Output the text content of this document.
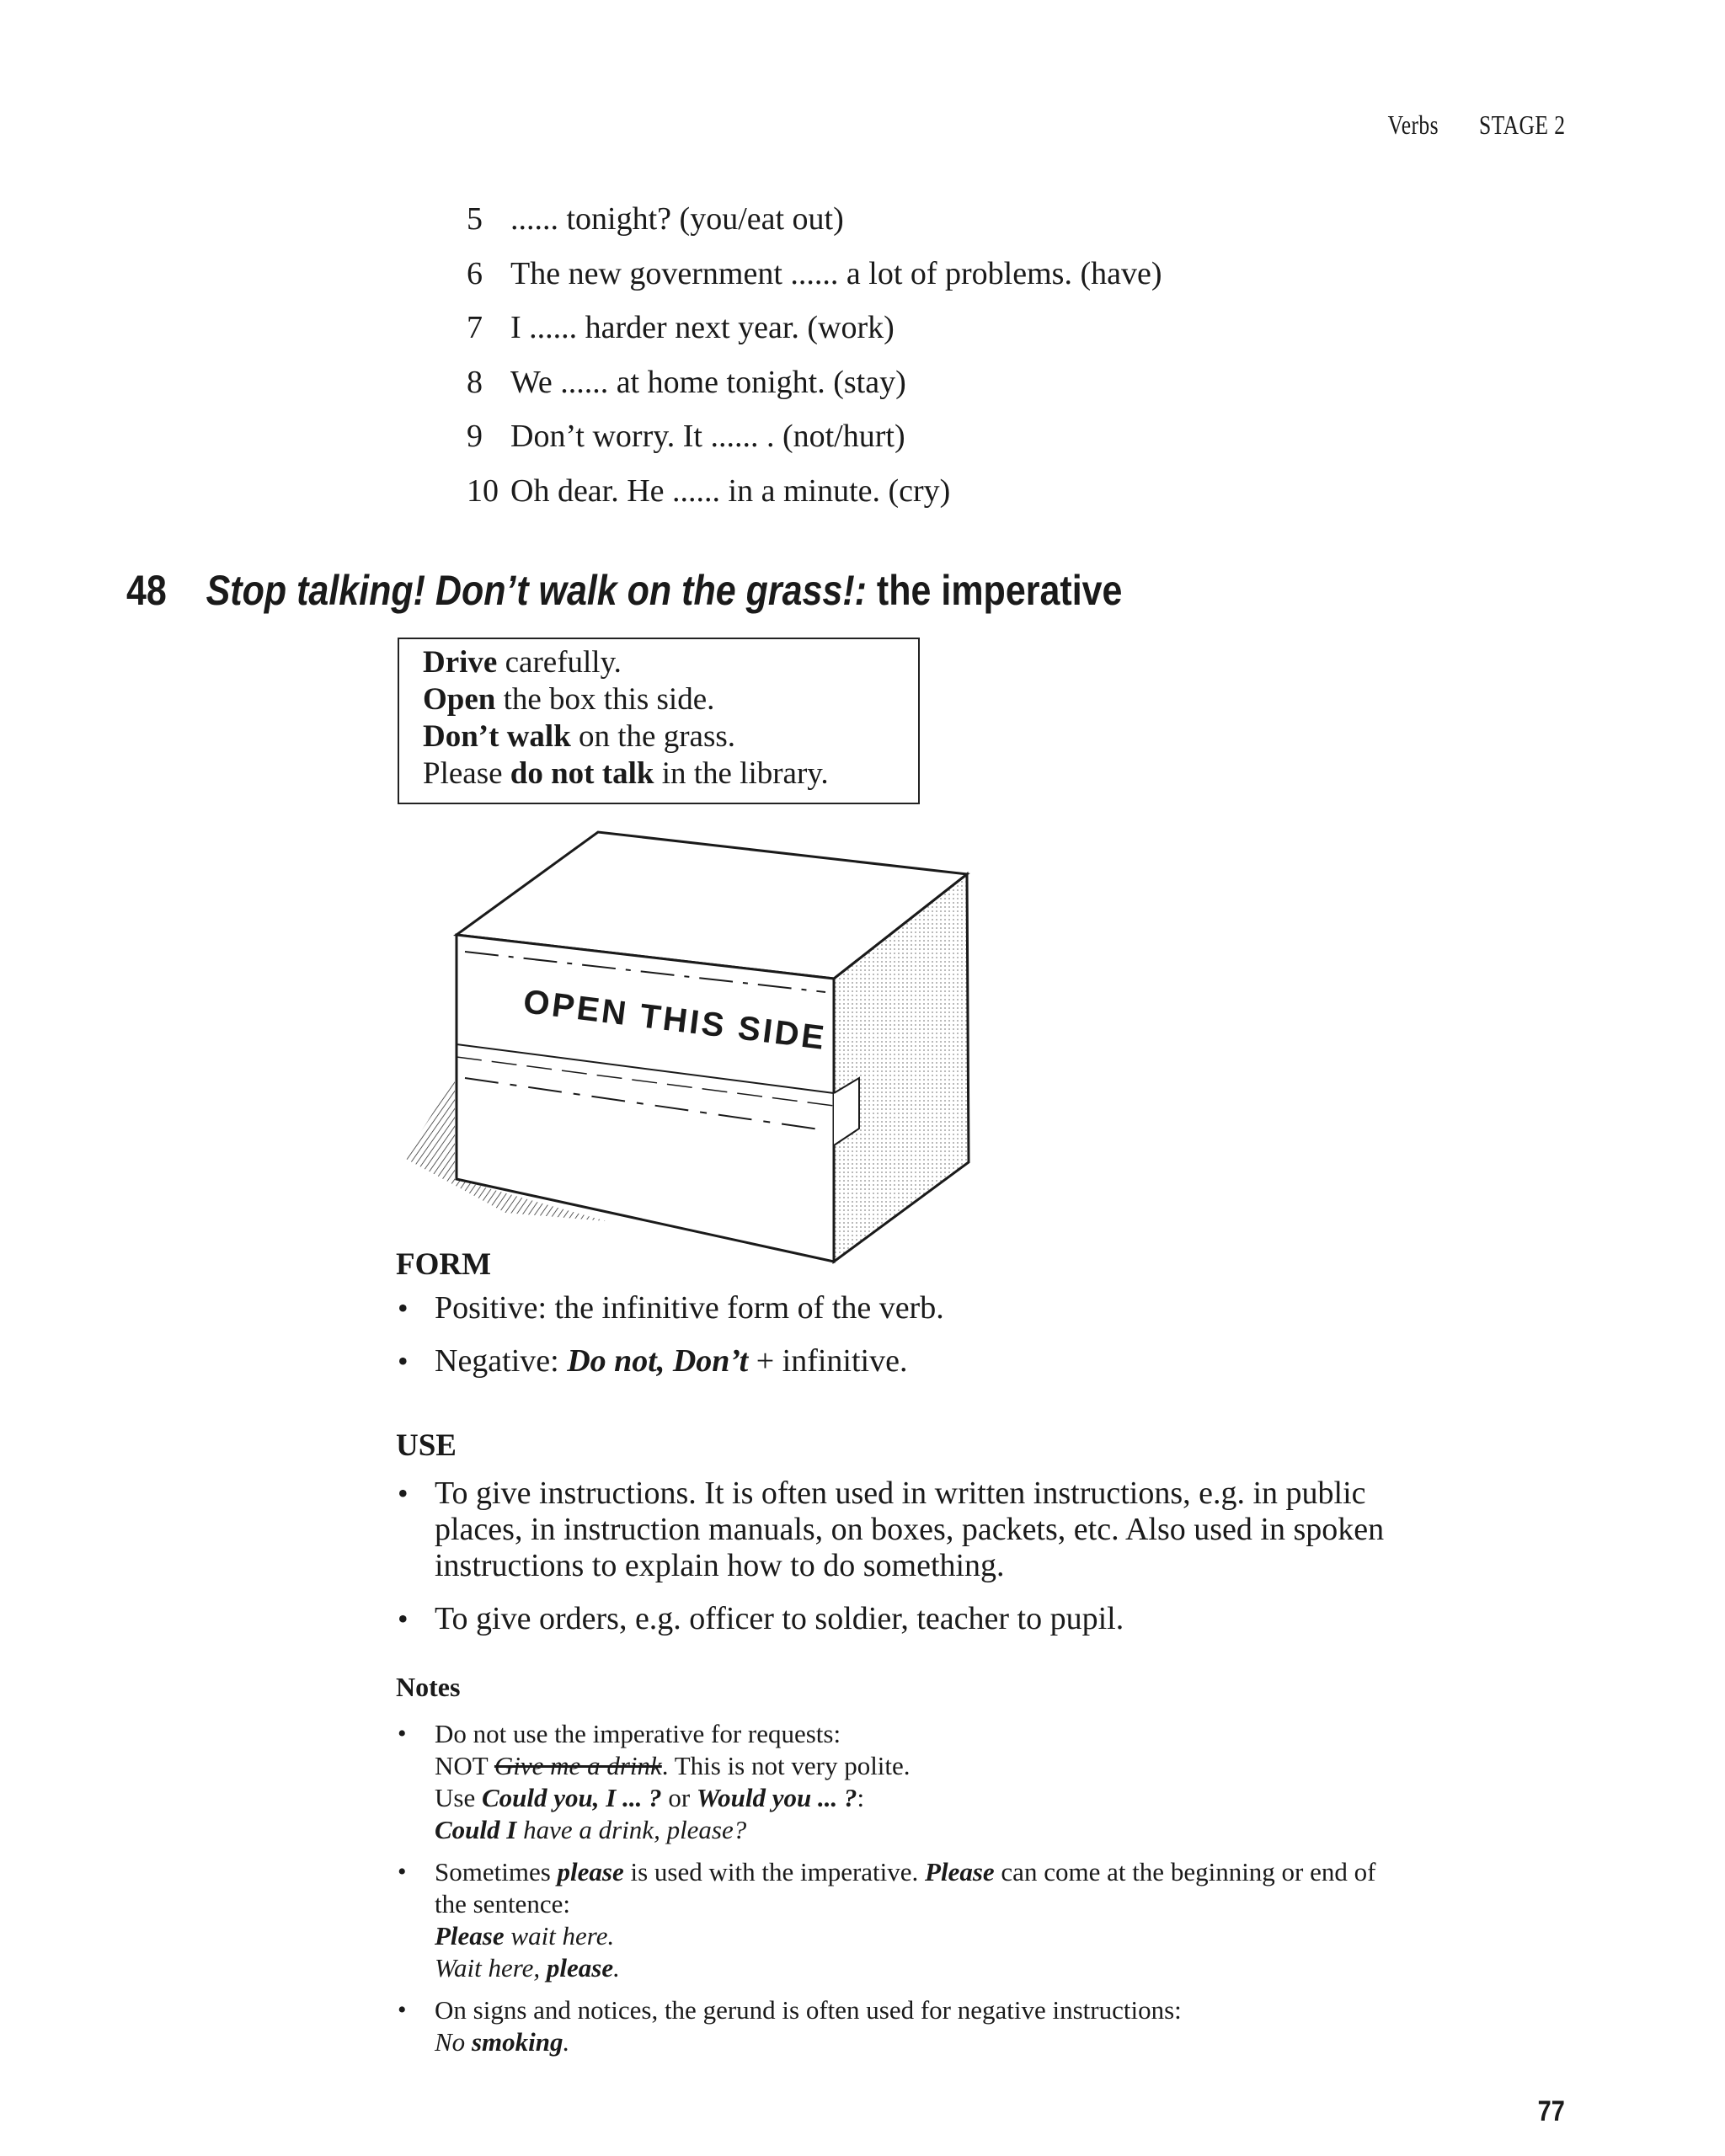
Verbs STAGE 2
5 ...... tonight? (you/eat out)
6 The new government ...... a lot of problems. (have)
7 I ...... harder next year. (work)
8 We ...... at home tonight. (stay)
9 Don’t worry. It ...... . (not/hurt)
10 Oh dear. He ...... in a minute. (cry)
48 Stop talking! Don’t walk on the grass!: the imperative
Drive carefully.
Open the box this side.
Don’t walk on the grass.
Please do not talk in the library.
OPEN THIS SIDE
FORM
• Positive: the infinitive form of the verb.
• Negative: Do not, Don’t + infinitive.
USE
• To give instructions. It is often used in written instructions, e.g. in public
places, in instruction manuals, on boxes, packets, etc. Also used in spoken
instructions to explain how to do something.
• To give orders, e.g. officer to soldier, teacher to pupil.
Notes
• Do not use the imperative for requests:
NOT Give me a drink. This is not very polite.
Use Could you, I ... ? or Would you ... ?:
Could I have a drink, please?
• Sometimes please is used with the imperative. Please can come at the beginning or end of
the sentence:
Please wait here.
Wait here, please.
• On signs and notices, the gerund is often used for negative instructions:
No smoking.
77
